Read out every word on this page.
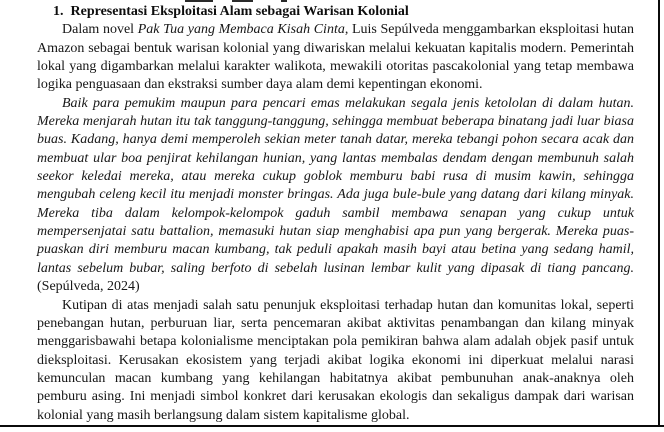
1. Representasi Eksploitasi Alam sebagai Warisan Kolonial

Dalam novel Pak Tua yang Membaca Kisah Cinta, Luis Sepúlveda menggambarkan eksploitasi hutan Amazon sebagai bentuk warisan kolonial yang diwariskan melalui kekuatan kapitalis modern. Pemerintah lokal yang digambarkan melalui karakter walikota, mewakili otoritas pascakolonial yang tetap membawa logika penguasaan dan ekstraksi sumber daya alam demi kepentingan ekonomi.

Baik para pemukim maupun para pencari emas melakukan segala jenis ketololan di dalam hutan. Mereka menjarah hutan itu tak tanggung-tanggung, sehingga membuat beberapa binatang jadi luar biasa buas. Kadang, hanya demi memperoleh sekian meter tanah datar, mereka tebangi pohon secara acak dan membuat ular boa penjirat kehilangan hunian, yang lantas membalas dendam dengan membunuh salah seekor keledai mereka, atau mereka cukup goblok memburu babi rusa di musim kawin, sehingga mengubah celeng kecil itu menjadi monster bringas. Ada juga bule-bule yang datang dari kilang minyak. Mereka tiba dalam kelompok-kelompok gaduh sambil membawa senapan yang cukup untuk mempersenjatai satu battalion, memasuki hutan siap menghabisi apa pun yang bergerak. Mereka puas-puaskan diri memburu macan kumbang, tak peduli apakah masih bayi atau betina yang sedang hamil, lantas sebelum bubar, saling berfoto di sebelah lusinan lembar kulit yang dipasak di tiang pancang. (Sepúlveda, 2024)

Kutipan di atas menjadi salah satu penunjuk eksploitasi terhadap hutan dan komunitas lokal, seperti penebangan hutan, perburuan liar, serta pencemaran akibat aktivitas penambangan dan kilang minyak menggarisbawahi betapa kolonialisme menciptakan pola pemikiran bahwa alam adalah objek pasif untuk dieksploitasi. Kerusakan ekosistem yang terjadi akibat logika ekonomi ini diperkuat melalui narasi kemunculan macan kumbang yang kehilangan habitatnya akibat pembunuhan anak-anaknya oleh pemburu asing. Ini menjadi simbol konkret dari kerusakan ekologis dan sekaligus dampak dari warisan kolonial yang masih berlangsung dalam sistem kapitalisme global.
